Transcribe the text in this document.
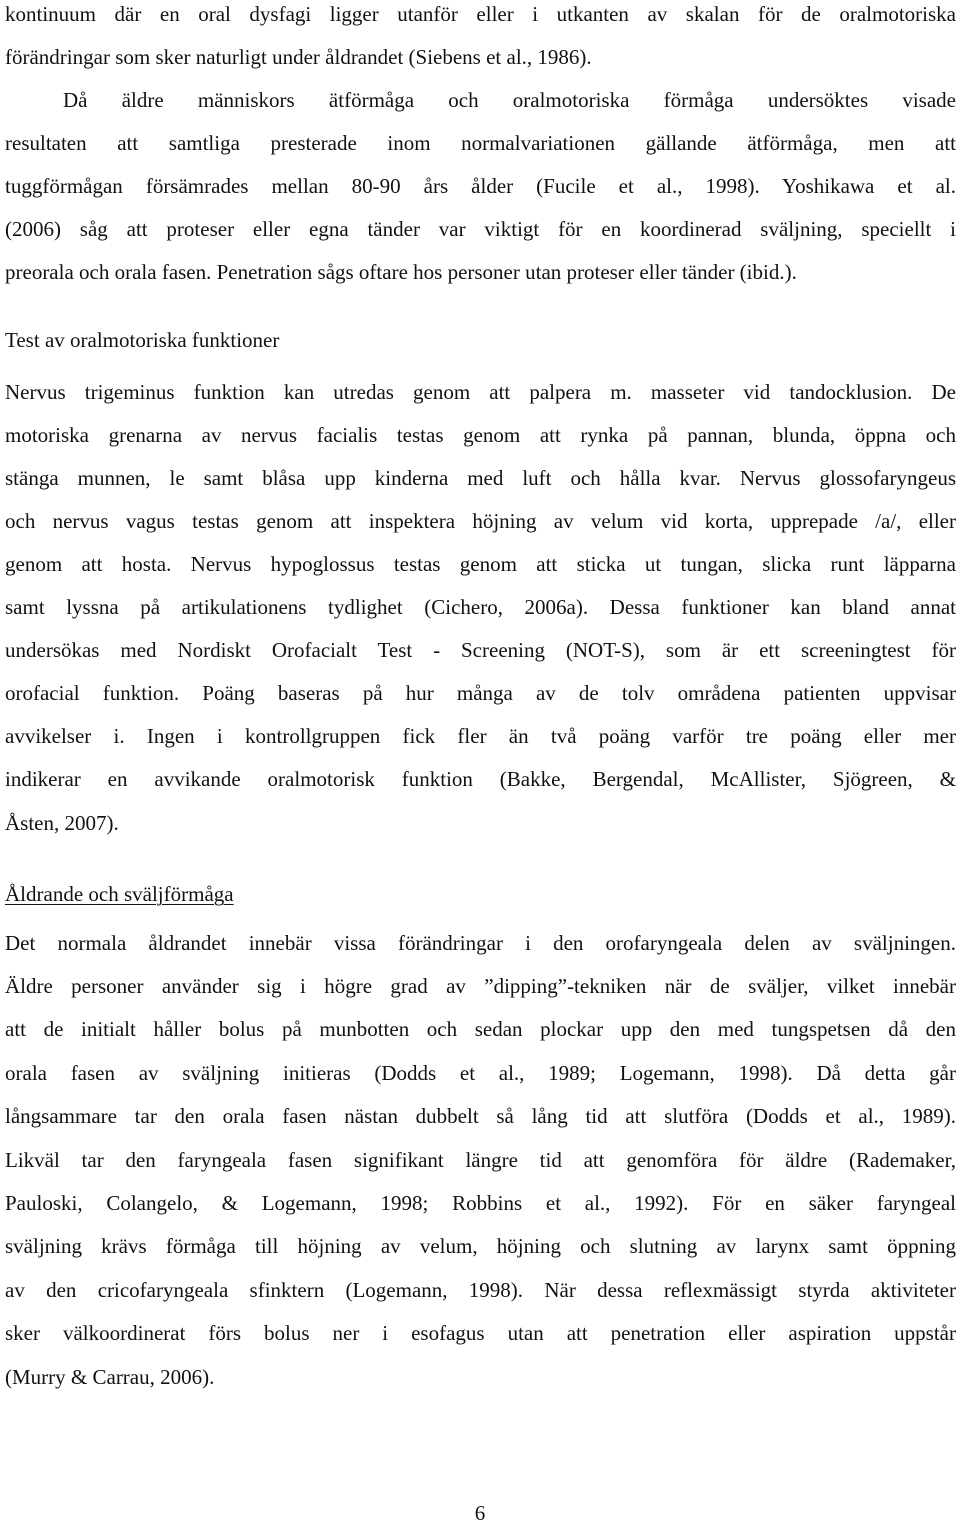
kontinuum där en oral dysfagi ligger utanför eller i utkanten av skalan för de oralmotoriska
förändringar som sker naturligt under åldrandet (Siebens et al., 1986).
Då äldre människors ätförmåga och oralmotoriska förmåga undersöktes visade
resultaten att samtliga presterade inom normalvariationen gällande ätförmåga, men att
tuggförmågan försämrades mellan 80-90 års ålder (Fucile et al., 1998). Yoshikawa et al.
(2006) såg att proteser eller egna tänder var viktigt för en koordinerad sväljning, speciellt i
preorala och orala fasen. Penetration sågs oftare hos personer utan proteser eller tänder (ibid.).
Test av oralmotoriska funktioner
Nervus trigeminus funktion kan utredas genom att palpera m. masseter vid tandocklusion. De
motoriska grenarna av nervus facialis testas genom att rynka på pannan, blunda, öppna och
stänga munnen, le samt blåsa upp kinderna med luft och hålla kvar. Nervus glossofaryngeus
och nervus vagus testas genom att inspektera höjning av velum vid korta, upprepade /a/, eller
genom att hosta. Nervus hypoglossus testas genom att sticka ut tungan, slicka runt läpparna
samt lyssna på artikulationens tydlighet (Cichero, 2006a). Dessa funktioner kan bland annat
undersökas med Nordiskt Orofacialt Test - Screening (NOT-S), som är ett screeningtest för
orofacial funktion. Poäng baseras på hur många av de tolv områdena patienten uppvisar
avvikelser i. Ingen i kontrollgruppen fick fler än två poäng varför tre poäng eller mer
indikerar en avvikande oralmotorisk funktion (Bakke, Bergendal, McAllister, Sjögreen, &
Åsten, 2007).
Åldrande och sväljförmåga
Det normala åldrandet innebär vissa förändringar i den orofaryngeala delen av sväljningen.
Äldre personer använder sig i högre grad av ”dipping”-tekniken när de sväljer, vilket innebär
att de initialt håller bolus på munbotten och sedan plockar upp den med tungspetsen då den
orala fasen av sväljning initieras (Dodds et al., 1989; Logemann, 1998). Då detta går
långsammare tar den orala fasen nästan dubbelt så lång tid att slutföra (Dodds et al., 1989).
Likväl tar den faryngeala fasen signifikant längre tid att genomföra för äldre (Rademaker,
Pauloski, Colangelo, & Logemann, 1998; Robbins et al., 1992). För en säker faryngeal
sväljning krävs förmåga till höjning av velum, höjning och slutning av larynx samt öppning
av den cricofaryngeala sfinktern (Logemann, 1998). När dessa reflexmässigt styrda aktiviteter
sker välkoordinerat förs bolus ner i esofagus utan att penetration eller aspiration uppstår
(Murry & Carrau, 2006).
6
